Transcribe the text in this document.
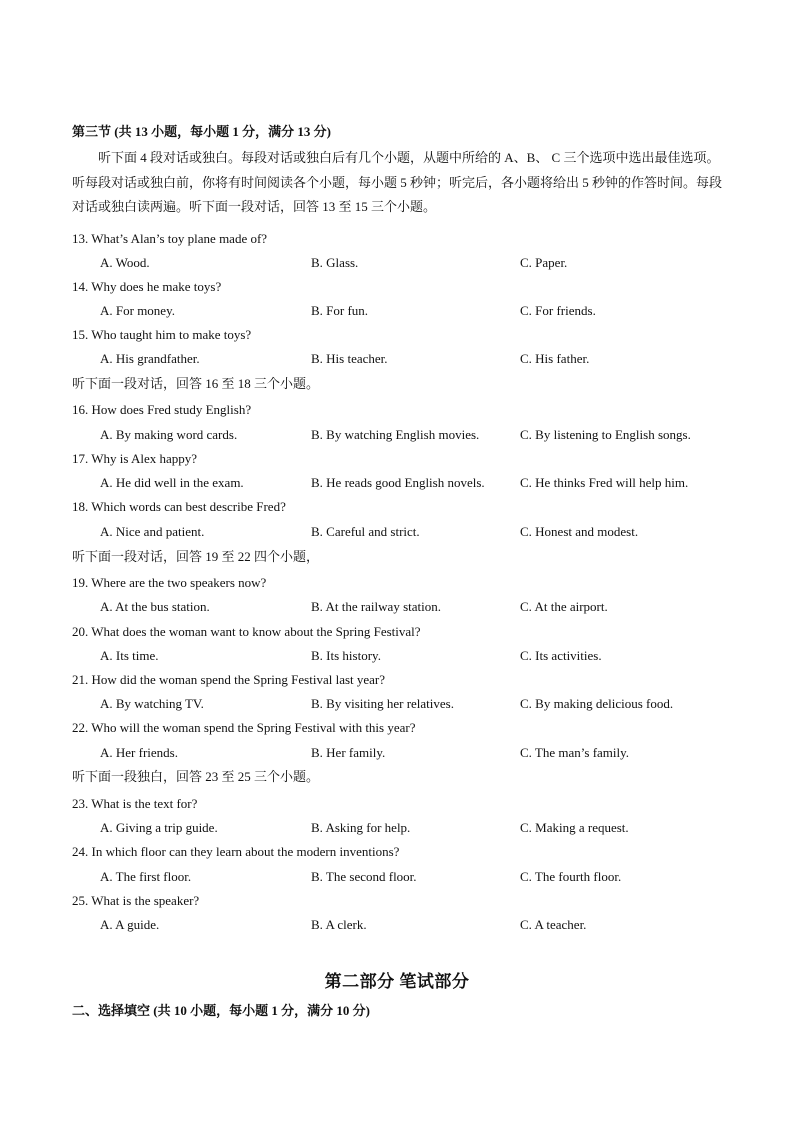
第三节 (共 13 小题，每小题 1 分，满分 13 分)
听下面 4 段对话或独白。每段对话或独白后有几个小题，从题中所给的 A、B、 C 三个选项中选出最佳选项。听每段对话或独白前，你将有时间阅读各个小题，每小题 5 秒钟；听完后，各小题将给出 5 秒钟的作答时间。每段对话或独白读两遍。听下面一段对话，回答 13 至 15 三个小题。
13. What’s Alan’s toy plane made of?
A. Wood.	B. Glass.	C. Paper.
14. Why does he make toys?
A. For money.	B. For fun.	C. For friends.
15. Who taught him to make toys?
A. His grandfather.	B. His teacher.	C. His father.
听下面一段对话，回答 16 至 18 三个小题。
16. How does Fred study English?
A. By making word cards.	B. By watching English movies.	C. By listening to English songs.
17. Why is Alex happy?
A. He did well in the exam.	B. He reads good English novels.	C. He thinks Fred will help him.
18. Which words can best describe Fred?
A. Nice and patient.	B. Careful and strict.	C. Honest and modest.
听下面一段对话，回答 19 至 22 四个小题，
19. Where are the two speakers now?
A. At the bus station.	B. At the railway station.	C. At the airport.
20. What does the woman want to know about the Spring Festival?
A. Its time.	B. Its history.	C. Its activities.
21. How did the woman spend the Spring Festival last year?
A. By watching TV.	B. By visiting her relatives.	C. By making delicious food.
22. Who will the woman spend the Spring Festival with this year?
A. Her friends.	B. Her family.	C. The man’s family.
听下面一段独白，回答 23 至 25 三个小题。
23. What is the text for?
A. Giving a trip guide.	B. Asking for help.	C. Making a request.
24. In which floor can they learn about the modern inventions?
A. The first floor.	B. The second floor.	C. The fourth floor.
25. What is the speaker?
A. A guide.	B. A clerk.	C. A teacher.
第二部分 笔试部分
二、选择填空 (共 10 小题，每小题 1 分，满分 10 分)
